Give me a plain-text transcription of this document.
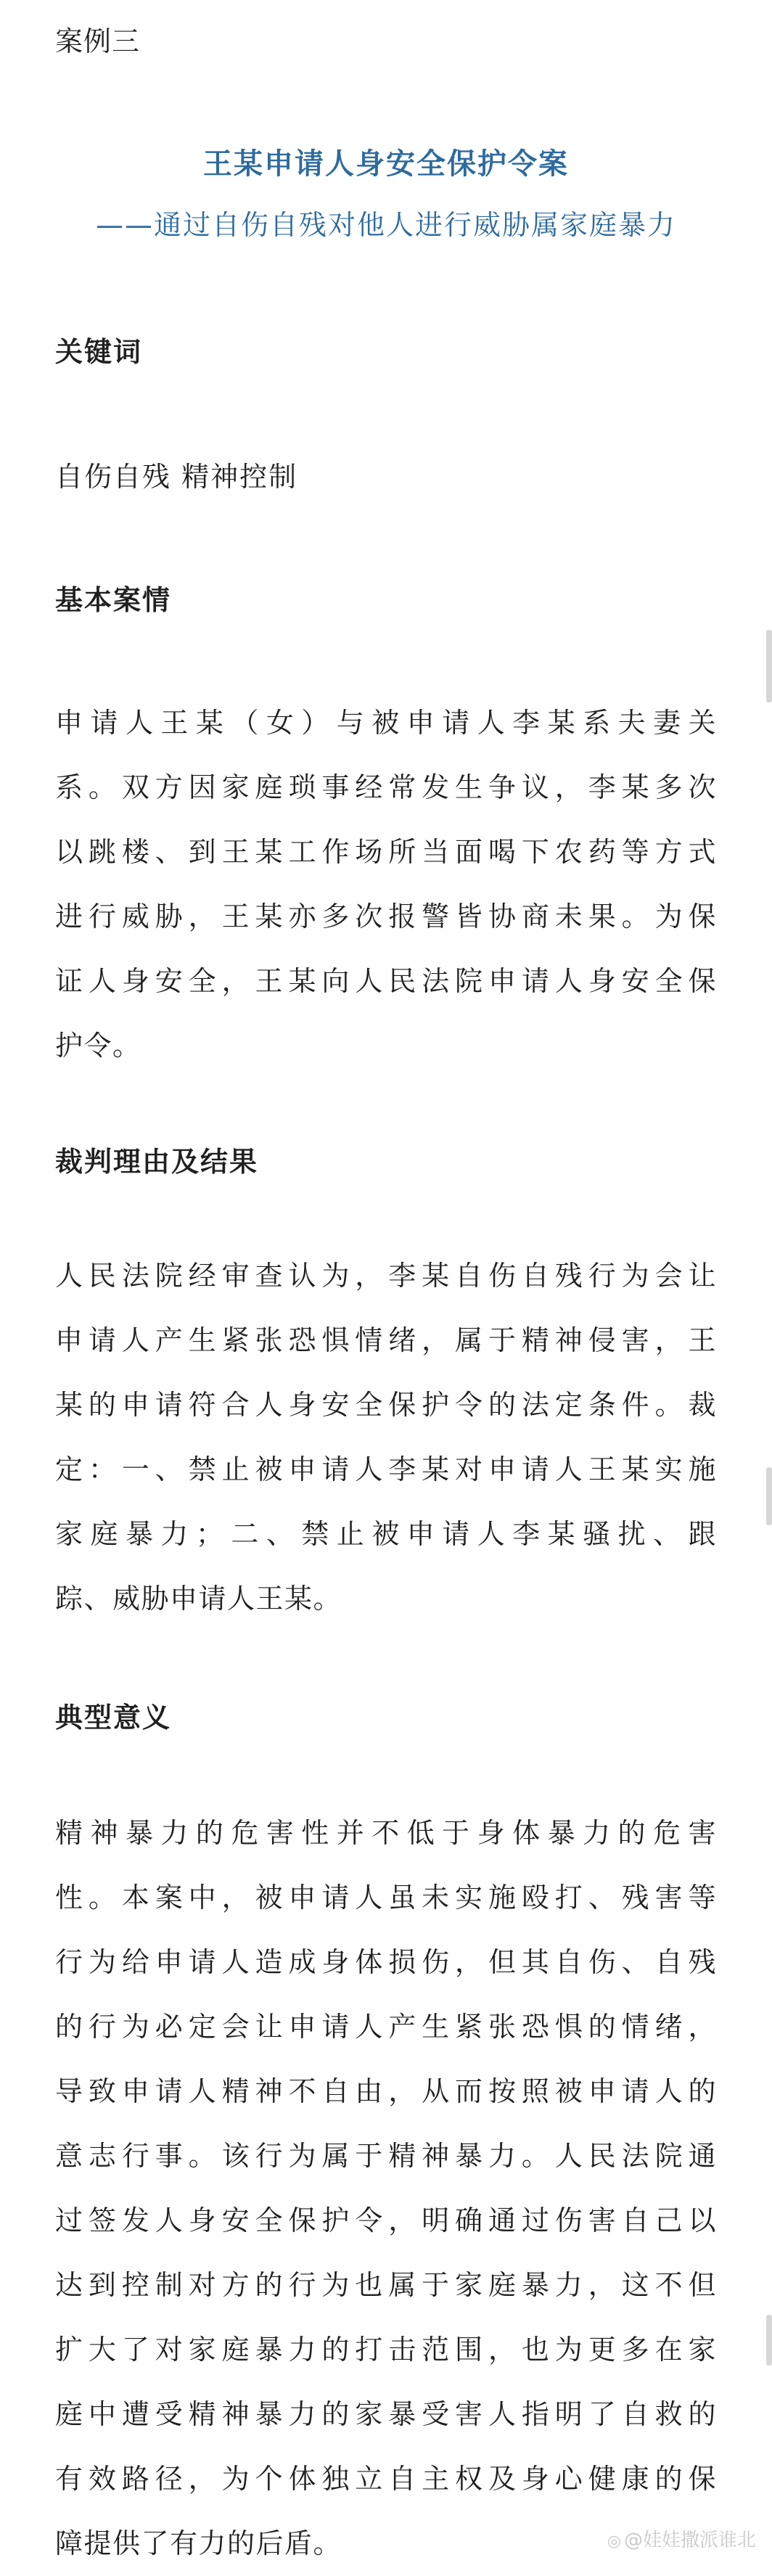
案例三
王某申请人身安全保护令案
——通过自伤自残对他人进行威胁属家庭暴力
关键词
自伤自残 精神控制
基本案情
申请人王某（女）与被申请人李某系夫妻关
系。双方因家庭琐事经常发生争议，李某多次
以跳楼、到王某工作场所当面喝下农药等方式
进行威胁，王某亦多次报警皆协商未果。为保
证人身安全，王某向人民法院申请人身安全保
护令。
裁判理由及结果
人民法院经审查认为，李某自伤自残行为会让
申请人产生紧张恐惧情绪，属于精神侵害，王
某的申请符合人身安全保护令的法定条件。裁
定：一、禁止被申请人李某对申请人王某实施
家庭暴力；二、禁止被申请人李某骚扰、跟
踪、威胁申请人王某。
典型意义
精神暴力的危害性并不低于身体暴力的危害
性。本案中，被申请人虽未实施殴打、残害等
行为给申请人造成身体损伤，但其自伤、自残
的行为必定会让申请人产生紧张恐惧的情绪，
导致申请人精神不自由，从而按照被申请人的
意志行事。该行为属于精神暴力。人民法院通
过签发人身安全保护令，明确通过伤害自己以
达到控制对方的行为也属于家庭暴力，这不但
扩大了对家庭暴力的打击范围，也为更多在家
庭中遭受精神暴力的家暴受害人指明了自救的
有效路径，为个体独立自主权及身心健康的保
障提供了有力的后盾。	◎ @娃娃撒派谁北
